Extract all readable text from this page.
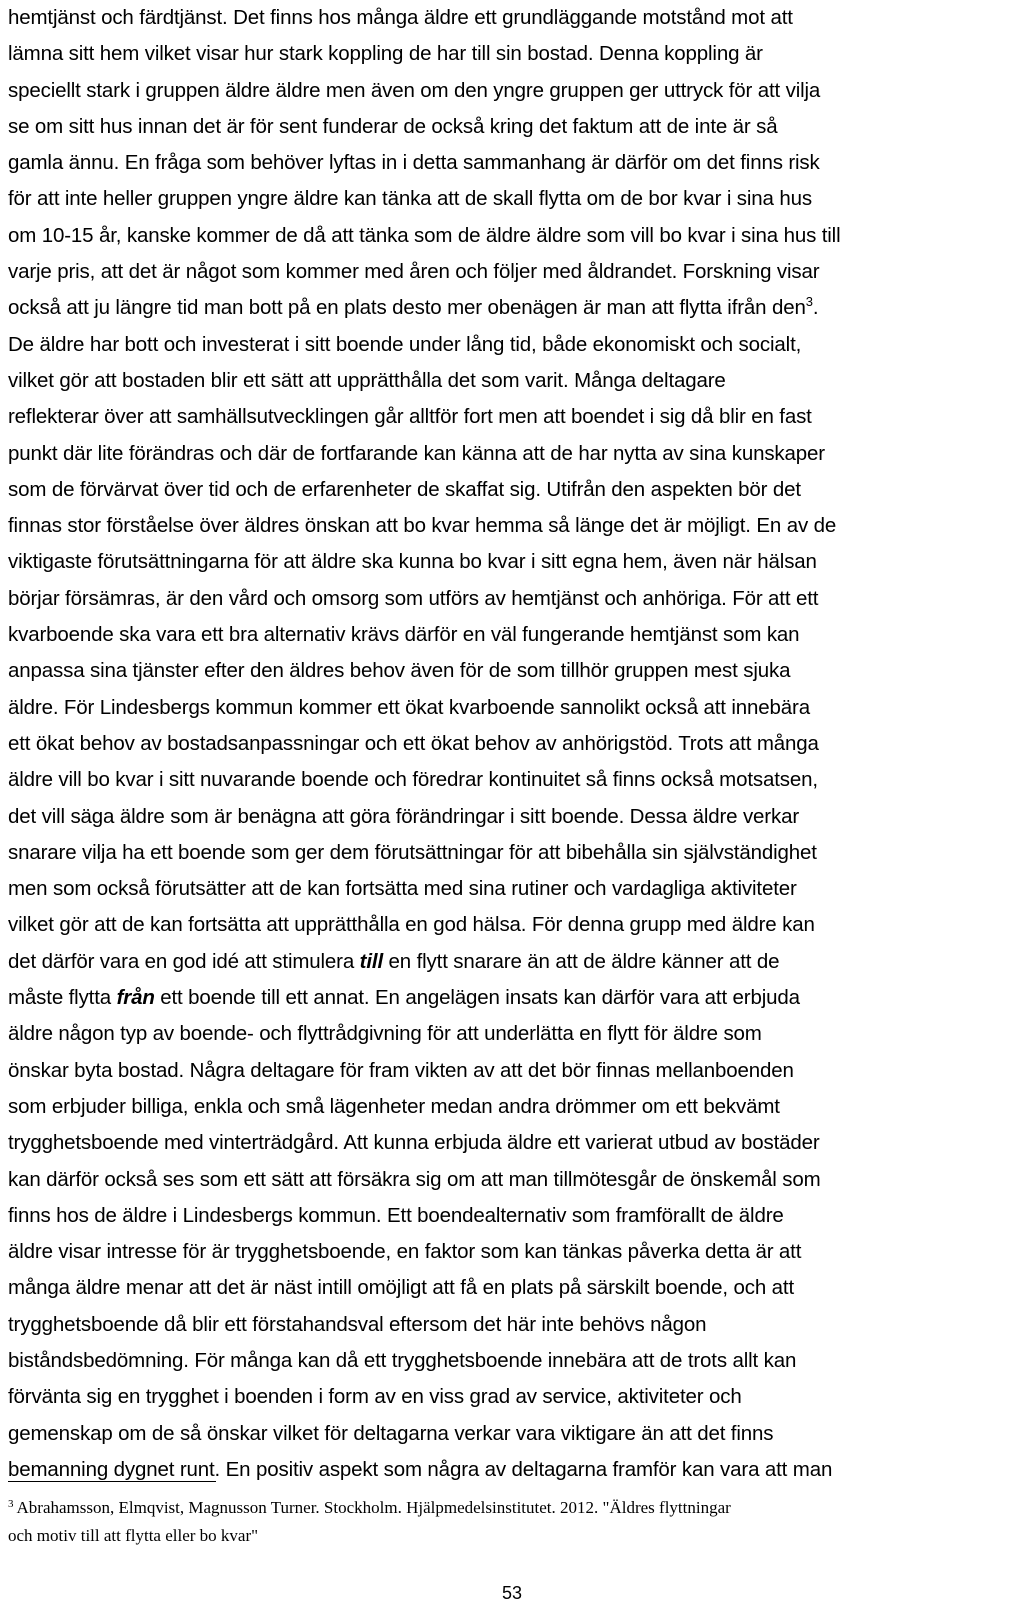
hemtjänst och färdtjänst. Det finns hos många äldre ett grundläggande motstånd mot att
lämna sitt hem vilket visar hur stark koppling de har till sin bostad. Denna koppling är
speciellt stark i gruppen äldre äldre men även om den yngre gruppen ger uttryck för att vilja
se om sitt hus innan det är för sent funderar de också kring det faktum att de inte är så
gamla ännu. En fråga som behöver lyftas in i detta sammanhang är därför om det finns risk
för att inte heller gruppen yngre äldre kan tänka att de skall flytta om de bor kvar i sina hus
om 10-15 år, kanske kommer de då att tänka som de äldre äldre som vill bo kvar i sina hus till
varje pris, att det är något som kommer med åren och följer med åldrandet. Forskning visar
också att ju längre tid man bott på en plats desto mer obenägen är man att flytta ifrån den$^3$.
De äldre har bott och investerat i sitt boende under lång tid, både ekonomiskt och socialt,
vilket gör att bostaden blir ett sätt att upprätthålla det som varit. Många deltagare
reflekterar över att samhällsutvecklingen går alltför fort men att boendet i sig då blir en fast
punkt där lite förändras och där de fortfarande kan känna att de har nytta av sina kunskaper
som de förvärvat över tid och de erfarenheter de skaffat sig. Utifrån den aspekten bör det
finnas stor förståelse över äldres önskan att bo kvar hemma så länge det är möjligt. En av de
viktigaste förutsättningarna för att äldre ska kunna bo kvar i sitt egna hem, även när hälsan
börjar försämras, är den vård och omsorg som utförs av hemtjänst och anhöriga. För att ett
kvarboende ska vara ett bra alternativ krävs därför en väl fungerande hemtjänst som kan
anpassa sina tjänster efter den äldres behov även för de som tillhör gruppen mest sjuka
äldre. För Lindesbergs kommun kommer ett ökat kvarboende sannolikt också att innebära
ett ökat behov av bostadsanpassningar och ett ökat behov av anhörigstöd. Trots att många
äldre vill bo kvar i sitt nuvarande boende och föredrar kontinuitet så finns också motsatsen,
det vill säga äldre som är benägna att göra förändringar i sitt boende. Dessa äldre verkar
snarare vilja ha ett boende som ger dem förutsättningar för att bibehålla sin självständighet
men som också förutsätter att de kan fortsätta med sina rutiner och vardagliga aktiviteter
vilket gör att de kan fortsätta att upprätthålla en god hälsa. För denna grupp med äldre kan
det därför vara en god idé att stimulera till en flytt snarare än att de äldre känner att de
måste flytta från ett boende till ett annat. En angelägen insats kan därför vara att erbjuda
äldre någon typ av boende- och flyttrådgivning för att underlätta en flytt för äldre som
önskar byta bostad. Några deltagare för fram vikten av att det bör finnas mellanboenden
som erbjuder billiga, enkla och små lägenheter medan andra drömmer om ett bekvämt
trygghetsboende med vinterträdgård. Att kunna erbjuda äldre ett varierat utbud av bostäder
kan därför också ses som ett sätt att försäkra sig om att man tillmötesgår de önskemål som
finns hos de äldre i Lindesbergs kommun. Ett boendealternativ som framförallt de äldre
äldre visar intresse för är trygghetsboende, en faktor som kan tänkas påverka detta är att
många äldre menar att det är näst intill omöjligt att få en plats på särskilt boende, och att
trygghetsboende då blir ett förstahandsval eftersom det här inte behövs någon
biståndsbedömning. För många kan då ett trygghetsboende innebära att de trots allt kan
förvänta sig en trygghet i boenden i form av en viss grad av service, aktiviteter och
gemenskap om de så önskar vilket för deltagarna verkar vara viktigare än att det finns
bemanning dygnet runt. En positiv aspekt som några av deltagarna framför kan vara att man
$^3$ Abrahamsson, Elmqvist, Magnusson Turner. Stockholm. Hjälpmedelsinstitutet. 2012. "Äldres flyttningar
och motiv till att flytta eller bo kvar"
53
